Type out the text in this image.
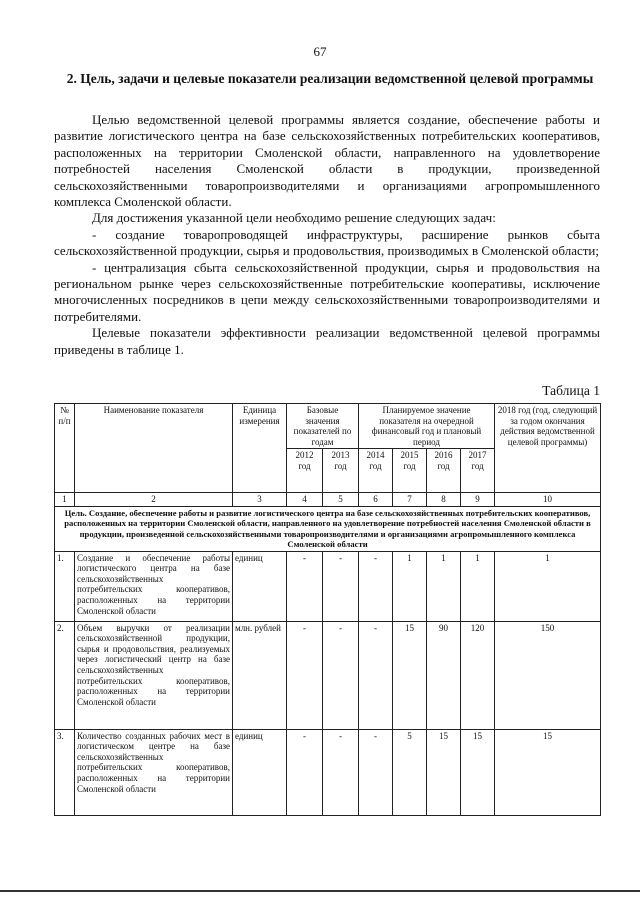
67
2. Цель, задачи и целевые показатели реализации ведомственной целевой программы

Целью ведомственной целевой программы является создание, обеспечение работы и развитие логистического центра на базе сельскохозяйственных потребительских кооперативов, расположенных на территории Смоленской области, направленного на удовлетворение потребностей населения Смоленской области в продукции, произведенной сельскохозяйственными товаропроизводителями и организациями агропромышленного комплекса Смоленской области.

Для достижения указанной цели необходимо решение следующих задач:

- создание товаропроводящей инфраструктуры, расширение рынков сбыта сельскохозяйственной продукции, сырья и продовольствия, производимых в Смоленской области;

- централизация сбыта сельскохозяйственной продукции, сырья и продовольствия на региональном рынке через сельскохозяйственные потребительские кооперативы, исключение многочисленных посредников в цепи между сельскохозяйственными товаропроизводителями и потребителями.

Целевые показатели эффективности реализации ведомственной целевой программы приведены в таблице 1.

Таблица 1
№ п/п	Наименование показателя	Единица измерения	Базовые значения показателей по годам		Планируемое значение показателя на очередной финансовый год и плановый период				2018 год (год, следующий за годом окончания действия ведомственной целевой программы)
			2012 год	2013 год	2014 год	2015 год	2016 год	2017 год	
1	2	3	4	5	6	7	8	9	10
Цель. Создание, обеспечение работы и развитие логистического центра на базе сельскохозяйственных потребительских кооперативов, расположенных на территории Смоленской области, направленного на удовлетворение потребностей населения Смоленской области в продукции, произведенной сельскохозяйственными товаропроизводителями и организациями агропромышленного комплекса Смоленской области									
1.	Создание и обеспечение работы логистического центра на базе сельскохозяйственных потребительских кооперативов, расположенных на территории Смоленской области	единиц	-	-	-	1	1	1	1
2.	Объем выручки от реализации сельскохозяйственной продукции, сырья и продовольствия, реализуемых через логистический центр на базе сельскохозяйственных потребительских кооперативов, расположенных на территории Смоленской области	млн. рублей	-	-	-	15	90	120	150
3.	Количество созданных рабочих мест в логистическом центре на базе сельскохозяйственных потребительских кооперативов, расположенных на территории Смоленской области	единиц	-	-	-	5	15	15	15
